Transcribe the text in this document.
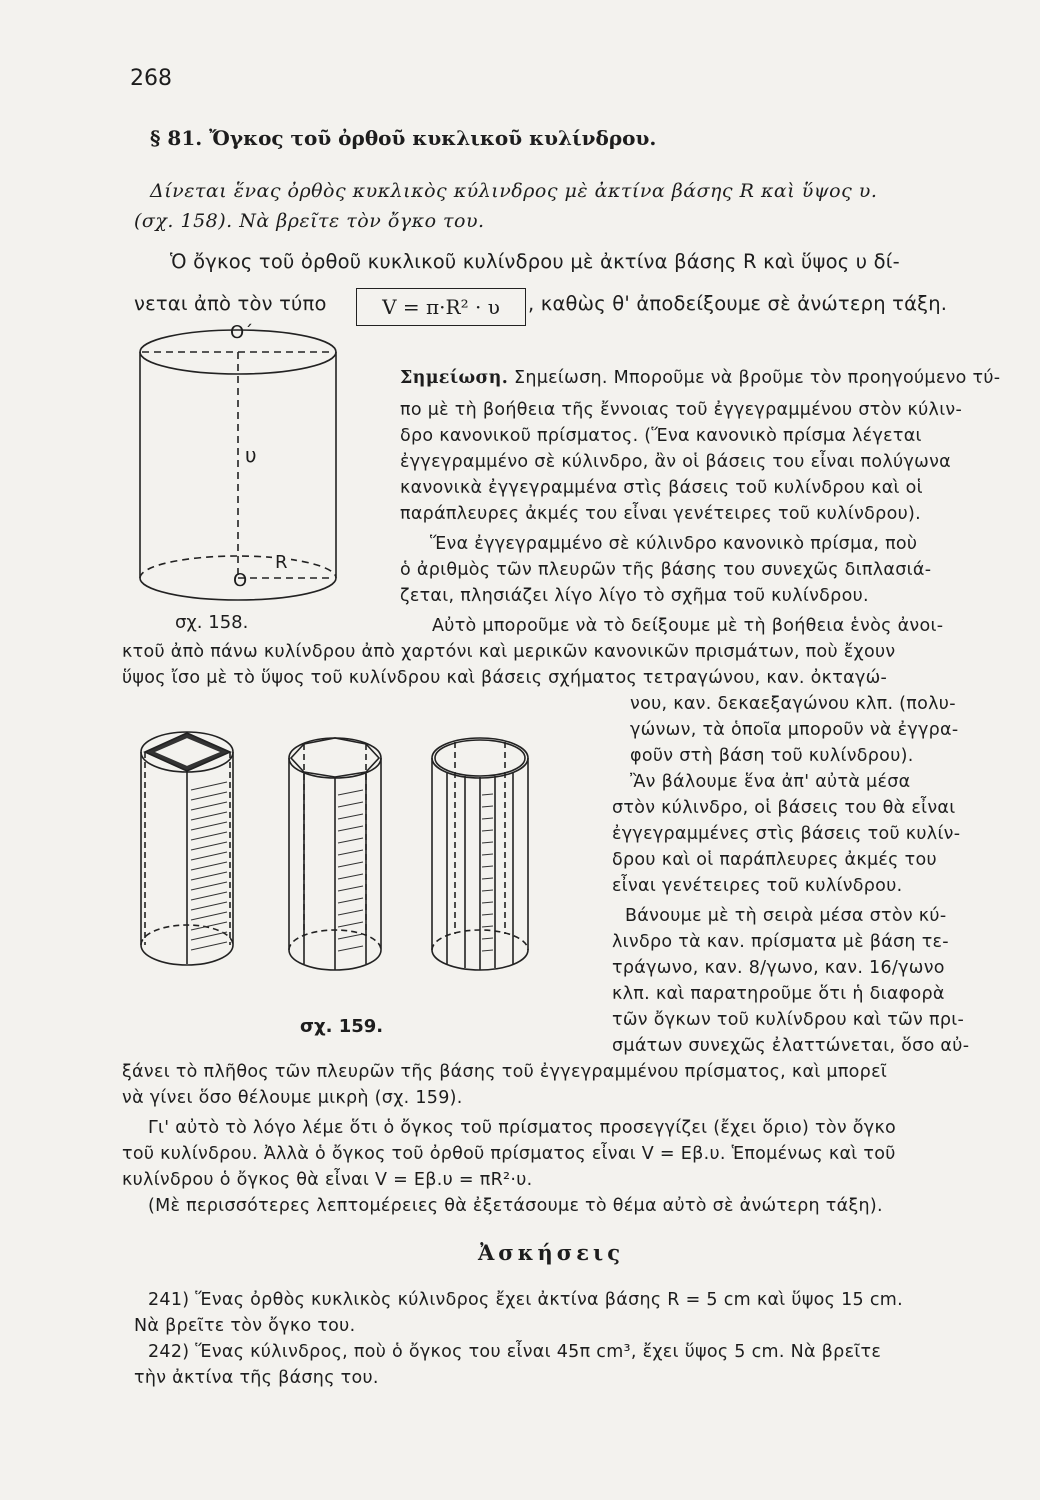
268
§ 81. Ὄγκος τοῦ ὀρθοῦ κυκλικοῦ κυλίνδρου.
Δίνεται ἕνας ὀρθὸς κυκλικὸς κύλινδρος μὲ ἀκτίνα βάσης R καὶ ὕψος υ.
(σχ. 158). Νὰ βρεῖτε τὸν ὄγκο του.
Ὁ ὄγκος τοῦ ὀρθοῦ κυκλικοῦ κυλίνδρου μὲ ἀκτίνα βάσης R καὶ ὕψος υ δί-
νεται ἀπὸ τὸν τύπο	V = π·R² · υ , καθὼς θ' ἀποδείξουμε σὲ ἀνώτερη τάξη.
O΄
υ
R
O
σχ. 158.
Σημείωση. Σημείωση. Μποροῦμε νὰ βροῦμε τὸν προηγούμενο τύ-
πο μὲ τὴ βοήθεια τῆς ἔννοιας τοῦ ἐγγεγραμμένου στὸν κύλιν-
δρο κανονικοῦ πρίσματος. (Ἕνα κανονικὸ πρίσμα λέγεται
ἐγγεγραμμένο σὲ κύλινδρο, ἂν οἱ βάσεις του εἶναι πολύγωνα
κανονικὰ ἐγγεγραμμένα στὶς βάσεις τοῦ κυλίνδρου καὶ οἱ
παράπλευρες ἀκμές του εἶναι γενέτειρες τοῦ κυλίνδρου).
Ἕνα ἐγγεγραμμένο σὲ κύλινδρο κανονικὸ πρίσμα, ποὺ
ὁ ἀριθμὸς τῶν πλευρῶν τῆς βάσης του συνεχῶς διπλασιά-
ζεται, πλησιάζει λίγο λίγο τὸ σχῆμα τοῦ κυλίνδρου.
Αὐτὸ μποροῦμε νὰ τὸ δείξουμε μὲ τὴ βοήθεια ἑνὸς ἀνοι-
κτοῦ ἀπὸ πάνω κυλίνδρου ἀπὸ χαρτόνι καὶ μερικῶν κανονικῶν πρισμάτων, ποὺ ἔχουν
ὕψος ἴσο μὲ τὸ ὕψος τοῦ κυλίνδρου καὶ βάσεις σχήματος τετραγώνου, καν. ὀκταγώ-
νου, καν. δεκαεξαγώνου κλπ. (πολυ-
γώνων, τὰ ὁποῖα μποροῦν νὰ ἐγγρα-
φοῦν στὴ βάση τοῦ κυλίνδρου).
Ἂν βάλουμε ἕνα ἀπ' αὐτὰ μέσα
στὸν κύλινδρο, οἱ βάσεις του θὰ εἶναι
ἐγγεγραμμένες στὶς βάσεις τοῦ κυλίν-
δρου καὶ οἱ παράπλευρες ἀκμές του
εἶναι γενέτειρες τοῦ κυλίνδρου.
Βάνουμε μὲ τὴ σειρὰ μέσα στὸν κύ-
λινδρο τὰ καν. πρίσματα μὲ βάση τε-
τράγωνο, καν. 8/γωνο, καν. 16/γωνο
κλπ. καὶ παρατηροῦμε ὅτι ἡ διαφορὰ
τῶν ὄγκων τοῦ κυλίνδρου καὶ τῶν πρι-
σμάτων συνεχῶς ἐλαττώνεται, ὅσο αὐ-
σχ. 159.
ξάνει τὸ πλῆθος τῶν πλευρῶν τῆς βάσης τοῦ ἐγγεγραμμένου πρίσματος, καὶ μπορεῖ
νὰ γίνει ὅσο θέλουμε μικρὴ (σχ. 159).
Γι' αὐτὸ τὸ λόγο λέμε ὅτι ὁ ὄγκος τοῦ πρίσματος προσεγγίζει (ἔχει ὅριο) τὸν ὄγκο
τοῦ κυλίνδρου. Ἀλλὰ ὁ ὄγκος τοῦ ὀρθοῦ πρίσματος εἶναι V = Eβ.υ. Ἑπομένως καὶ τοῦ
κυλίνδρου ὁ ὄγκος θὰ εἶναι V = Eβ.υ = πR²·υ.
(Μὲ περισσότερες λεπτομέρειες θὰ ἐξετάσουμε τὸ θέμα αὐτὸ σὲ ἀνώτερη τάξη).
Ἀσκήσεις
241) Ἕνας ὀρθὸς κυκλικὸς κύλινδρος ἔχει ἀκτίνα βάσης R = 5 cm καὶ ὕψος 15 cm.
Νὰ βρεῖτε τὸν ὄγκο του.
242) Ἕνας κύλινδρος, ποὺ ὁ ὄγκος του εἶναι 45π cm³, ἔχει ὕψος 5 cm. Νὰ βρεῖτε
τὴν ἀκτίνα τῆς βάσης του.
